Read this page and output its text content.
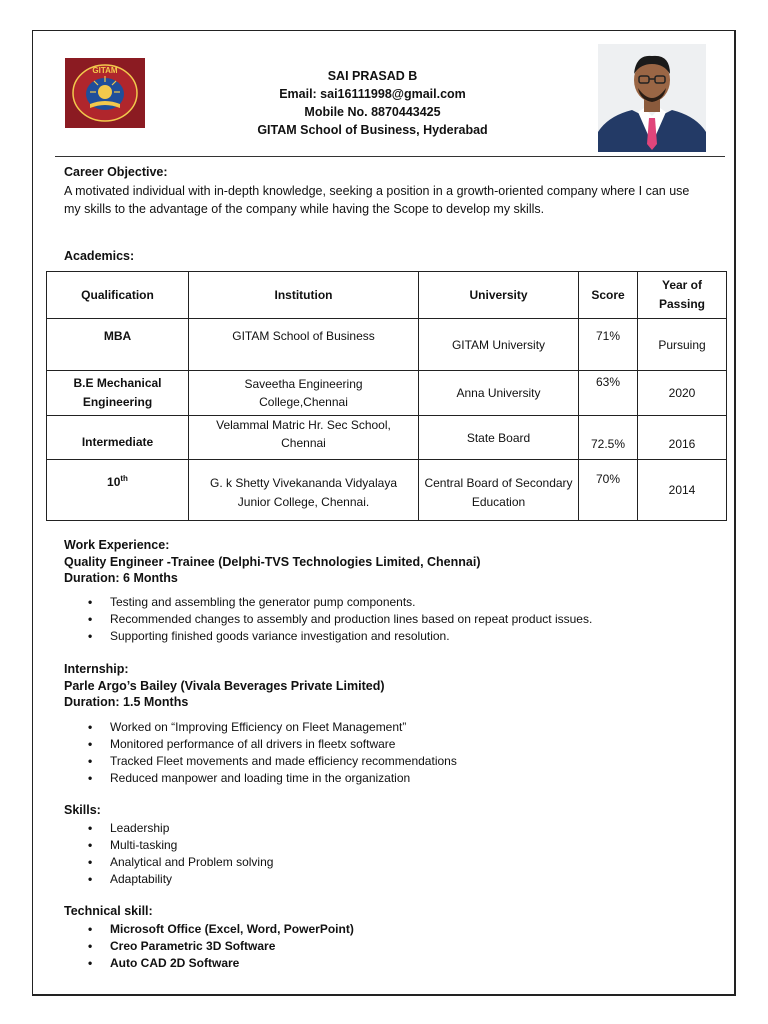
GITAM	SAI PRASAD B
Email: sai16111998@gmail.com
Mobile No. 8870443425
GITAM School of Business, Hyderabad
Career Objective:
A motivated individual with in-depth knowledge, seeking a position in a growth-oriented company where I can use my skills to the advantage of the company while having the Scope to develop my skills.
Academics:
Qualification	Institution	University	Score	Year of Passing
MBA	GITAM School of Business	GITAM University	71%	Pursuing
B.E Mechanical Engineering	Saveetha Engineering College,Chennai	Anna University	63%	2020
Intermediate	Velammal Matric Hr. Sec School, Chennai	State Board	72.5%	2016
10th	G. k Shetty Vivekananda Vidyalaya Junior College, Chennai.	Central Board of Secondary Education	70%	2014
Work Experience:
Quality Engineer -Trainee (Delphi-TVS Technologies Limited, Chennai)
Duration: 6 Months
• Testing and assembling the generator pump components.
• Recommended changes to assembly and production lines based on repeat product issues.
• Supporting finished goods variance investigation and resolution.
Internship:
Parle Argo’s Bailey (Vivala Beverages Private Limited)
Duration: 1.5 Months
• Worked on “Improving Efficiency on Fleet Management”
• Monitored performance of all drivers in fleetx software
• Tracked Fleet movements and made efficiency recommendations
• Reduced manpower and loading time in the organization
Skills:
• Leadership
• Multi-tasking
• Analytical and Problem solving
• Adaptability
Technical skill:
• Microsoft Office (Excel, Word, PowerPoint)
• Creo Parametric 3D Software
• Auto CAD 2D Software
